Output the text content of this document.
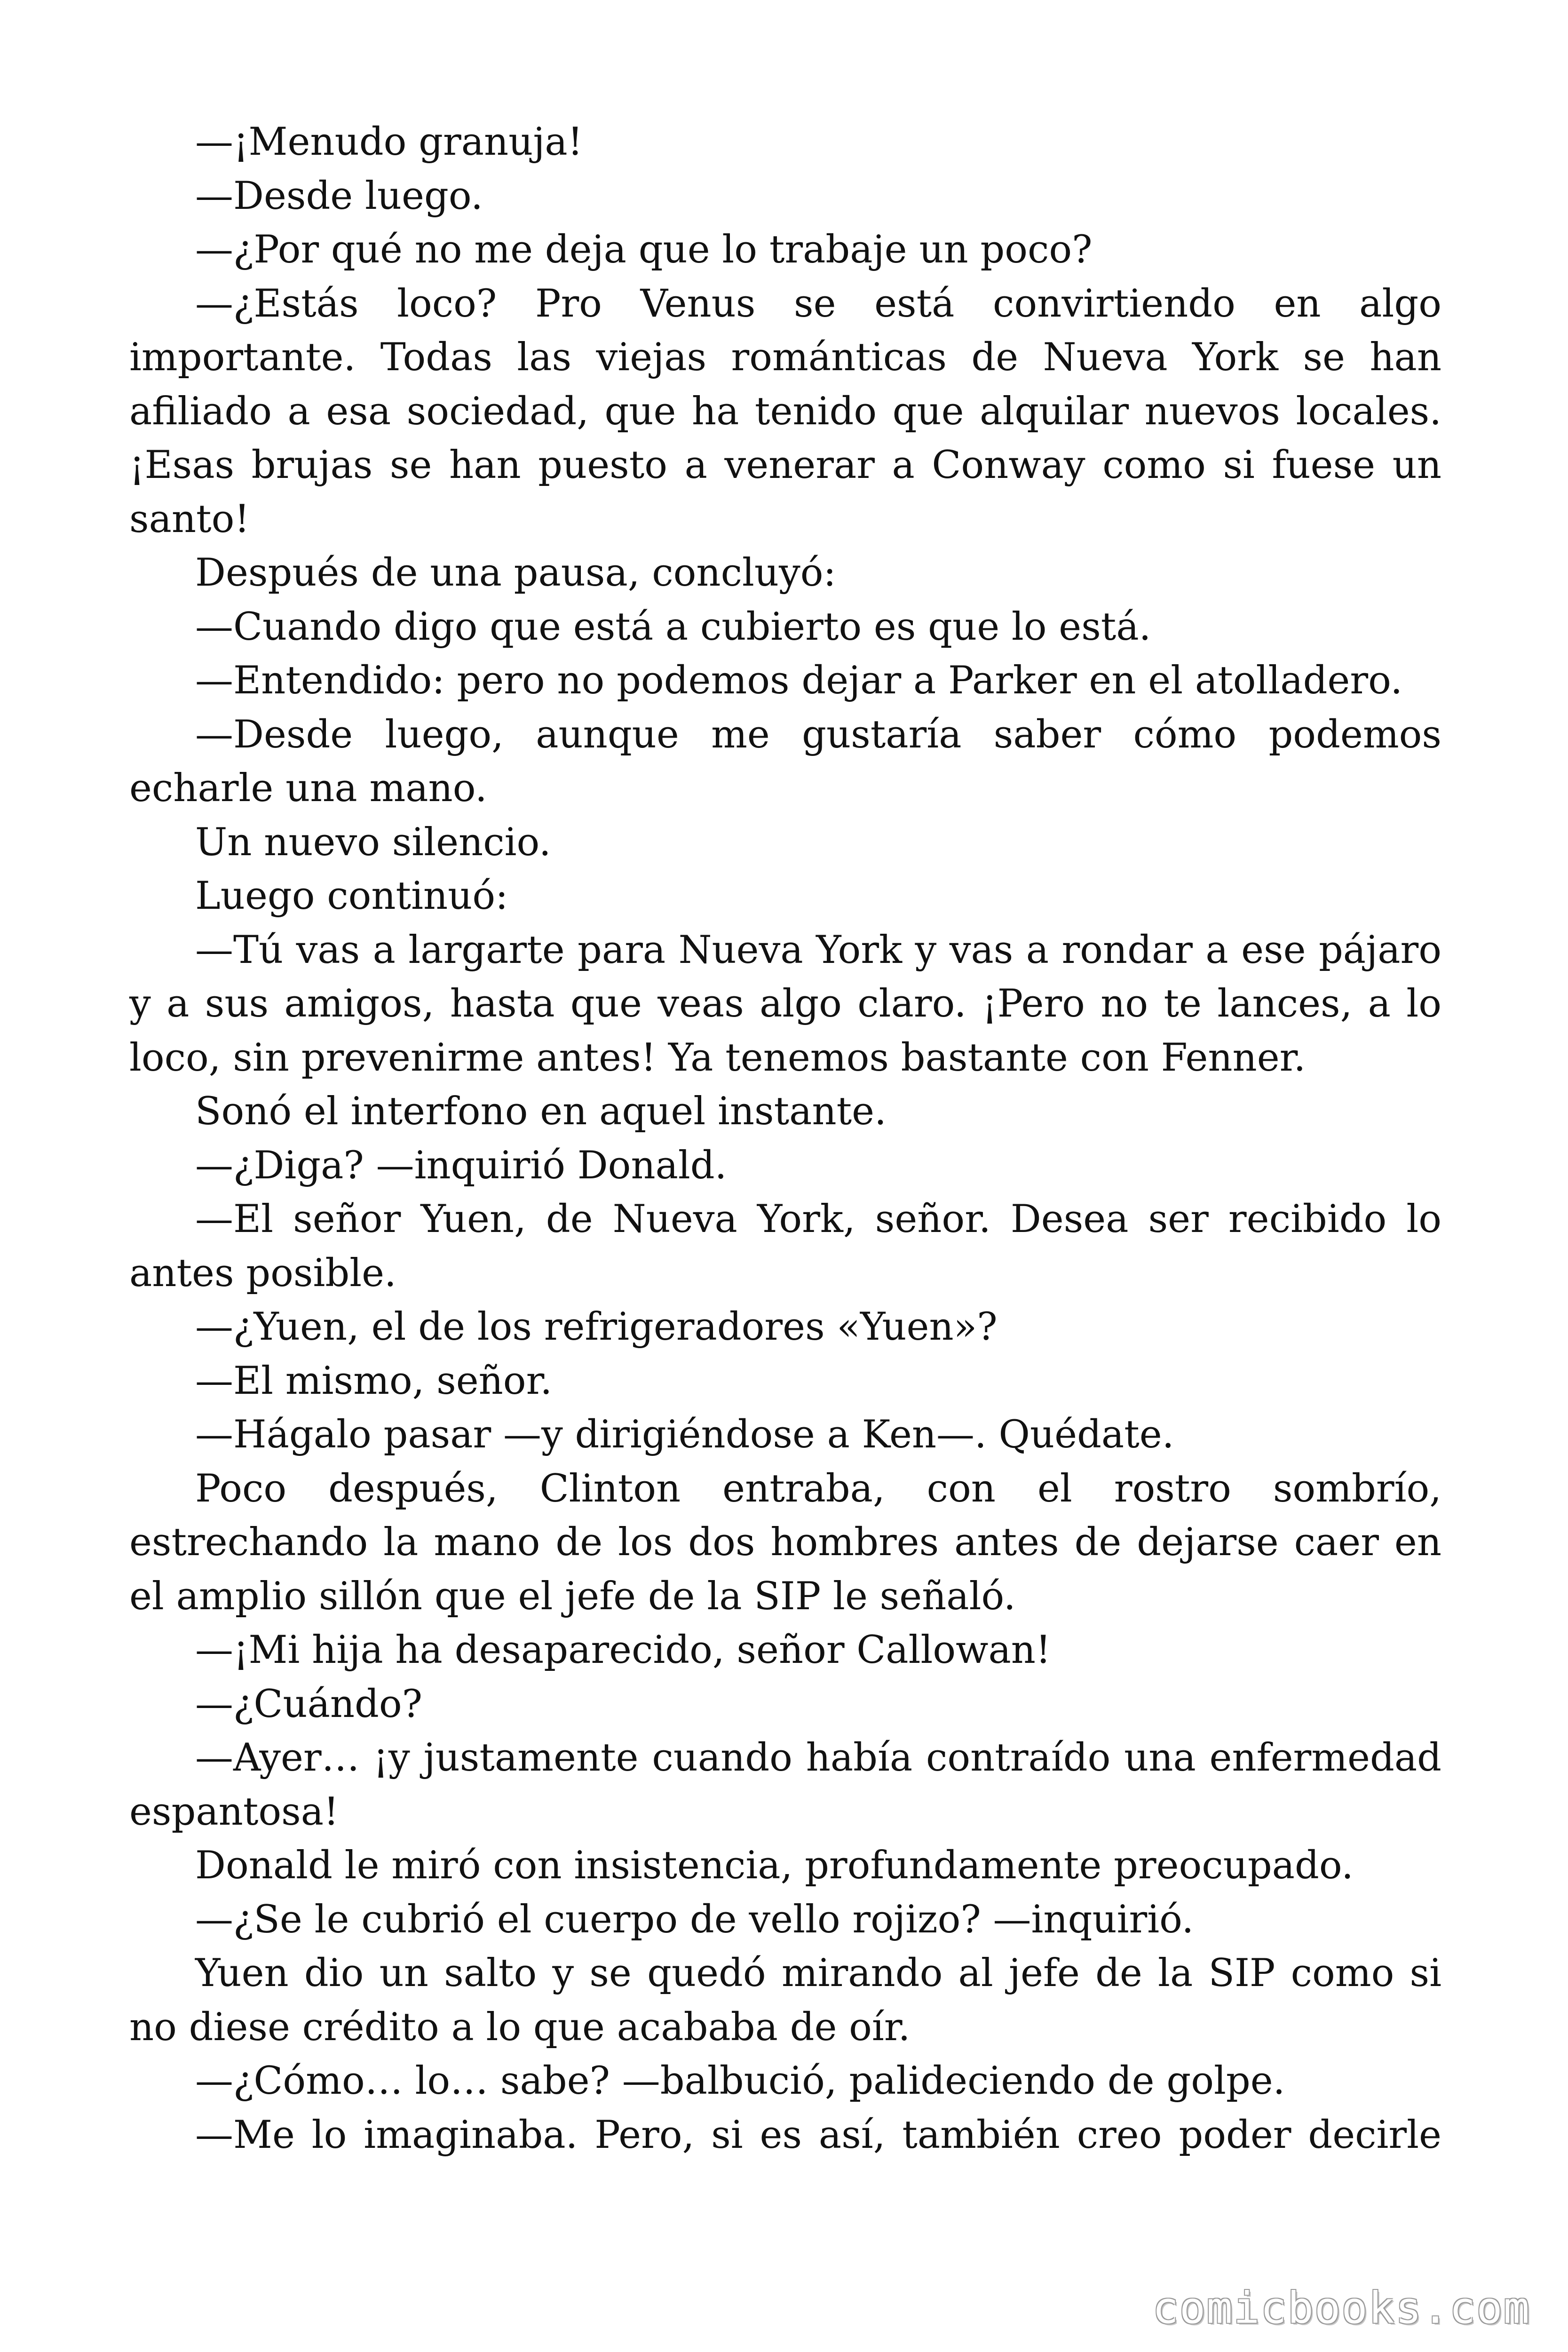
—¡Menudo granuja!

—Desde luego.

—¿Por qué no me deja que lo trabaje un poco?

—¿Estás loco? Pro Venus se está convirtiendo en algo importante. Todas las viejas románticas de Nueva York se han afiliado a esa sociedad, que ha tenido que alquilar nuevos locales. ¡Esas brujas se han puesto a venerar a Conway como si fuese un santo!

Después de una pausa, concluyó:

—Cuando digo que está a cubierto es que lo está.

—Entendido: pero no podemos dejar a Parker en el atolladero.

—Desde luego, aunque me gustaría saber cómo podemos echarle una mano.

Un nuevo silencio.

Luego continuó:

—Tú vas a largarte para Nueva York y vas a rondar a ese pájaro y a sus amigos, hasta que veas algo claro. ¡Pero no te lances, a lo loco, sin prevenirme antes! Ya tenemos bastante con Fenner.

Sonó el interfono en aquel instante.

—¿Diga? —inquirió Donald.

—El señor Yuen, de Nueva York, señor. Desea ser recibido lo antes posible.

—¿Yuen, el de los refrigeradores «Yuen»?

—El mismo, señor.

—Hágalo pasar —y dirigiéndose a Ken—. Quédate.

Poco después, Clinton entraba, con el rostro sombrío, estrechando la mano de los dos hombres antes de dejarse caer en el amplio sillón que el jefe de la SIP le señaló.

—¡Mi hija ha desaparecido, señor Callowan!

—¿Cuándo?

—Ayer… ¡y justamente cuando había contraído una enfermedad espantosa!

Donald le miró con insistencia, profundamente preocupado.

—¿Se le cubrió el cuerpo de vello rojizo? —inquirió.

Yuen dio un salto y se quedó mirando al jefe de la SIP como si no diese crédito a lo que acababa de oír.

—¿Cómo… lo… sabe? —balbució, palideciendo de golpe.

—Me lo imaginaba. Pero, si es así, también creo poder decirle

comicbooks.com
